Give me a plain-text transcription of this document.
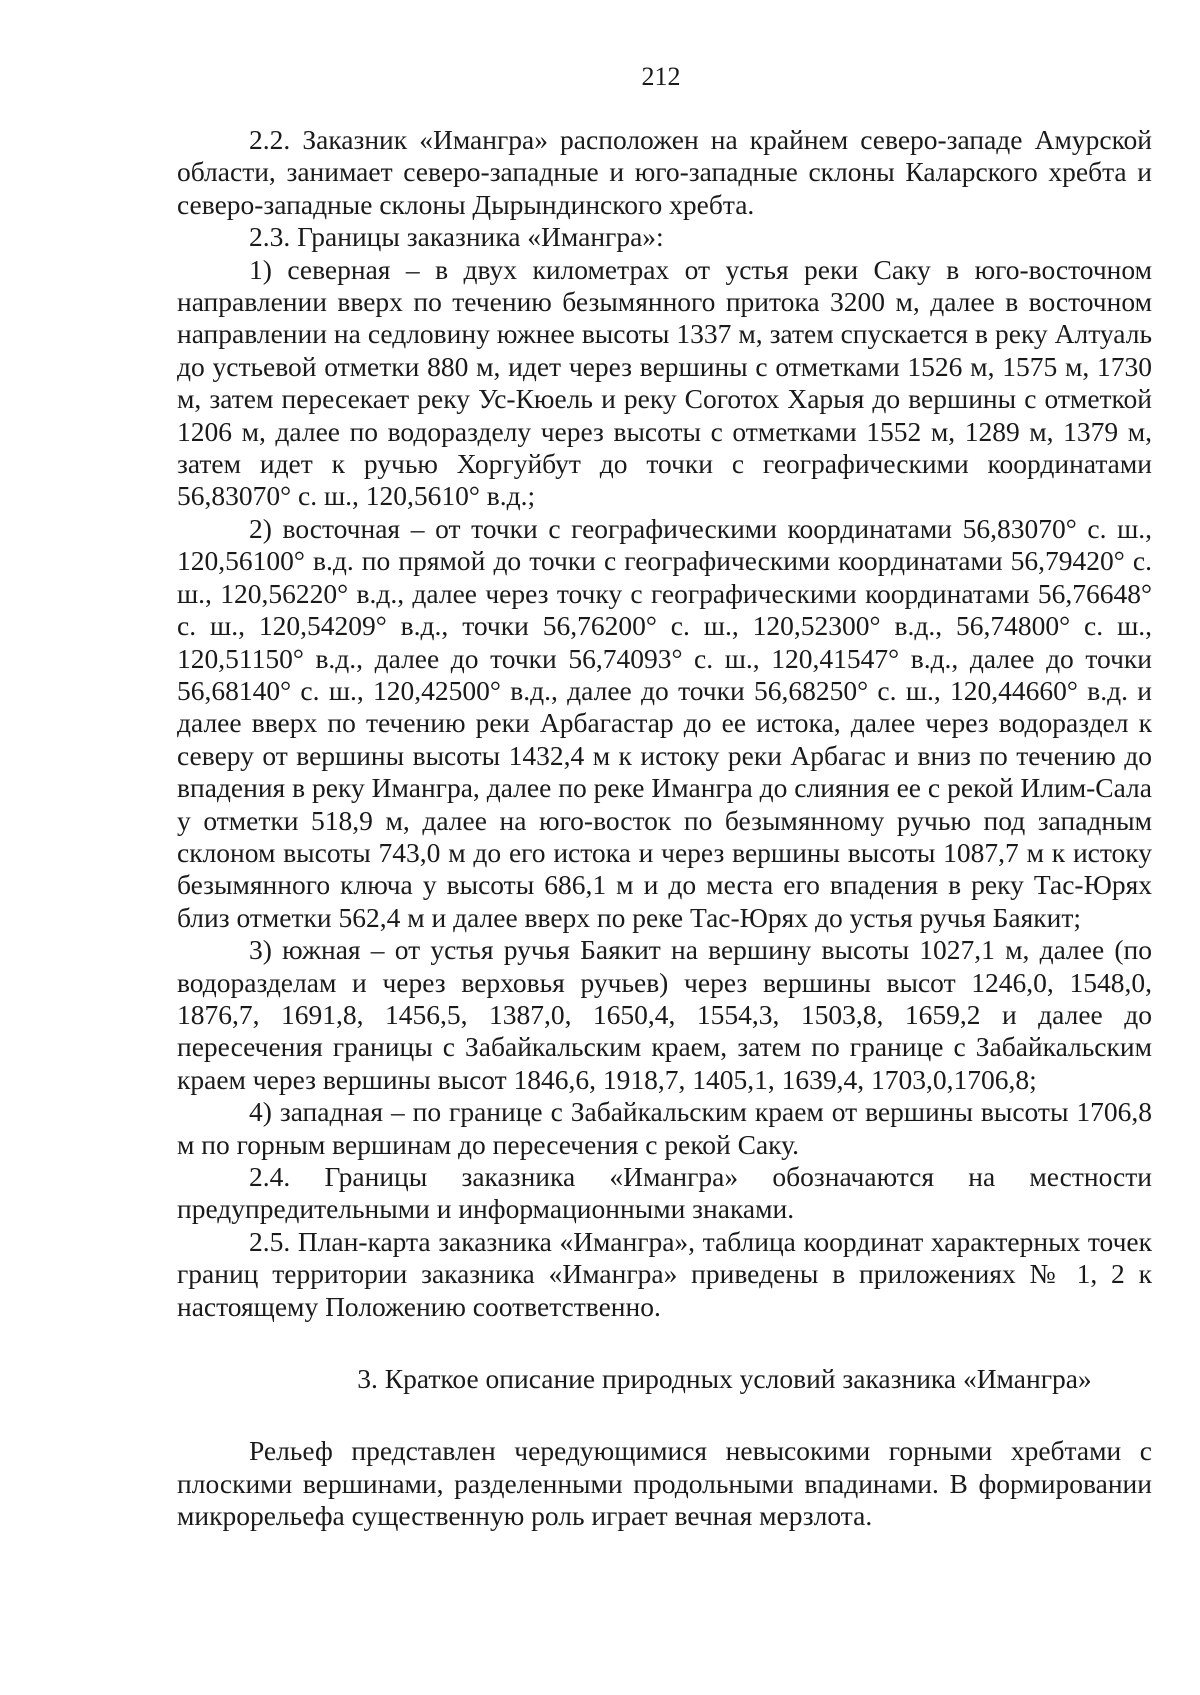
212

2.2. Заказник «Имангра» расположен на крайнем северо-западе Амурской области, занимает северо-западные и юго-западные склоны Каларского хребта и северо-западные склоны Дырындинского хребта.

2.3. Границы заказника «Имангра»:

1) северная – в двух километрах от устья реки Саку в юго-восточном направлении вверх по течению безымянного притока 3200 м, далее в восточном направлении на седловину южнее высоты 1337 м, затем спускается в реку Алтуаль до устьевой отметки 880 м, идет через вершины с отметками 1526 м, 1575 м, 1730 м, затем пересекает реку Ус-Кюель и реку Соготох Харыя до вершины с отметкой 1206 м, далее по водоразделу через высоты с отметками 1552 м, 1289 м, 1379 м, затем идет к ручью Хоргуйбут до точки с географическими координатами 56,83070° с. ш., 120,5610° в.д.;

2) восточная – от точки с географическими координатами 56,83070° с. ш., 120,56100° в.д. по прямой до точки с географическими координатами 56,79420° с. ш., 120,56220° в.д., далее через точку с географическими координатами 56,76648° с. ш., 120,54209° в.д., точки 56,76200° с. ш., 120,52300° в.д., 56,74800° с. ш., 120,51150° в.д., далее до точки 56,74093° с. ш., 120,41547° в.д., далее до точки 56,68140° с. ш., 120,42500° в.д., далее до точки 56,68250° с. ш., 120,44660° в.д. и далее вверх по течению реки Арбагастар до ее истока, далее через водораздел к северу от вершины высоты 1432,4 м к истоку реки Арбагас и вниз по течению до впадения в реку Имангра, далее по реке Имангра до слияния ее с рекой Илим-Сала у отметки 518,9 м, далее на юго-восток по безымянному ручью под западным склоном высоты 743,0 м до его истока и через вершины высоты 1087,7 м к истоку безымянного ключа у высоты 686,1 м и до места его впадения в реку Тас-Юрях близ отметки 562,4 м и далее вверх по реке Тас-Юрях до устья ручья Баякит;

3) южная – от устья ручья Баякит на вершину высоты 1027,1 м, далее (по водоразделам и через верховья ручьев) через вершины высот 1246,0, 1548,0, 1876,7, 1691,8, 1456,5, 1387,0, 1650,4, 1554,3, 1503,8, 1659,2 и далее до пересечения границы с Забайкальским краем, затем по границе с Забайкальским краем через вершины высот 1846,6, 1918,7, 1405,1, 1639,4, 1703,0,1706,8;

4) западная – по границе с Забайкальским краем от вершины высоты 1706,8 м по горным вершинам до пересечения с рекой Саку.

2.4. Границы заказника «Имангра» обозначаются на местности предупредительными и информационными знаками.

2.5. План-карта заказника «Имангра», таблица координат характерных точек границ территории заказника «Имангра» приведены в приложениях № 1, 2 к настоящему Положению соответственно.

3. Краткое описание природных условий заказника «Имангра»

Рельеф представлен чередующимися невысокими горными хребтами с плоскими вершинами, разделенными продольными впадинами. В формировании микрорельефа существенную роль играет вечная мерзлота.
